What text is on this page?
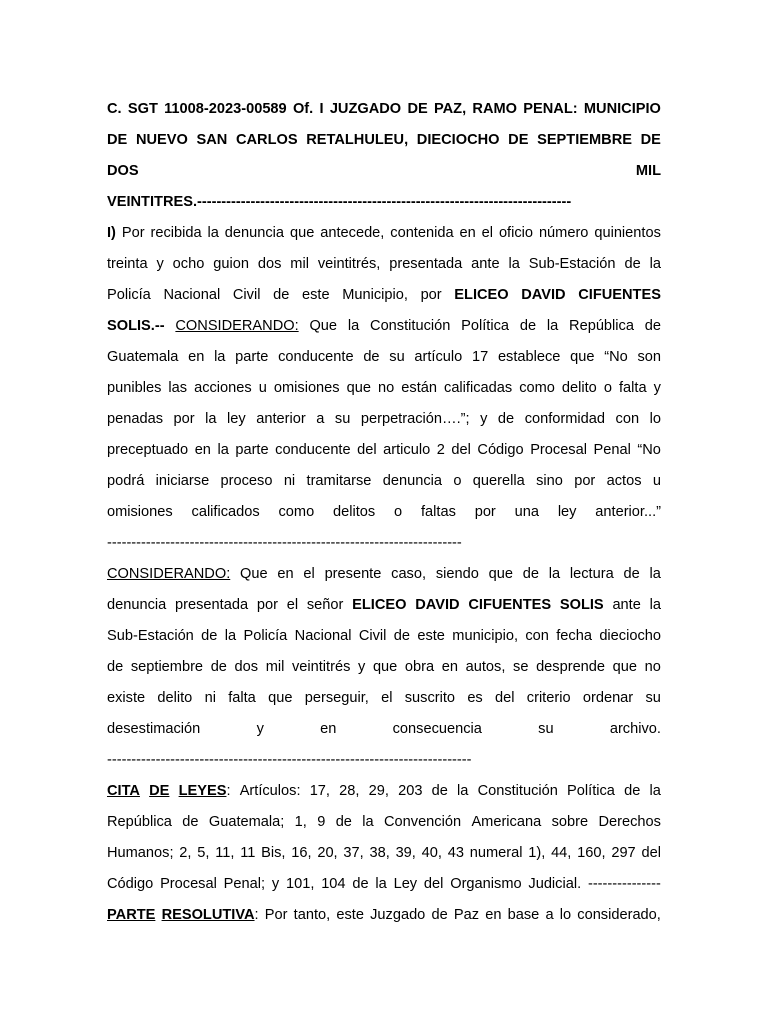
C. SGT 11008-2023-00589 Of. I JUZGADO DE PAZ, RAMO PENAL: MUNICIPIO
DE NUEVO SAN CARLOS RETALHULEU, DIECIOCHO DE SEPTIEMBRE DE
DOS	MIL
VEINTITRES.-----------------------------------------------------------------------------
I) Por recibida la denuncia que antecede, contenida en el oficio número quinientos
treinta y ocho guion dos mil veintitrés, presentada ante la Sub-Estación de la
Policía Nacional Civil de este Municipio, por ELICEO DAVID CIFUENTES
SOLIS.-- CONSIDERANDO: Que la Constitución Política de la República de
Guatemala en la parte conducente de su artículo 17 establece que “No son
punibles las acciones u omisiones que no están calificadas como delito o falta y
penadas por la ley anterior a su perpetración….”; y de conformidad con lo
preceptuado en la parte conducente del articulo 2 del Código Procesal Penal “No
podrá iniciarse proceso ni tramitarse denuncia o querella sino por actos u
omisiones calificados como delitos o faltas por una ley anterior...”
-------------------------------------------------------------------------
CONSIDERANDO: Que en el presente caso, siendo que de la lectura de la
denuncia presentada por el señor ELICEO DAVID CIFUENTES SOLIS ante la
Sub-Estación de la Policía Nacional Civil de este municipio, con fecha dieciocho
de septiembre de dos mil veintitrés y que obra en autos, se desprende que no
existe delito ni falta que perseguir, el suscrito es del criterio ordenar su
desestimación	y	en	consecuencia	su	archivo.
---------------------------------------------------------------------------
CITA DE LEYES: Artículos: 17, 28, 29, 203 de la Constitución Política de la
República de Guatemala; 1, 9 de la Convención Americana sobre Derechos
Humanos; 2, 5, 11, 11 Bis, 16, 20, 37, 38, 39, 40, 43 numeral 1), 44, 160, 297 del
Código Procesal Penal; y 101, 104 de la Ley del Organismo Judicial. ---------------
PARTE RESOLUTIVA: Por tanto, este Juzgado de Paz en base a lo considerado,
